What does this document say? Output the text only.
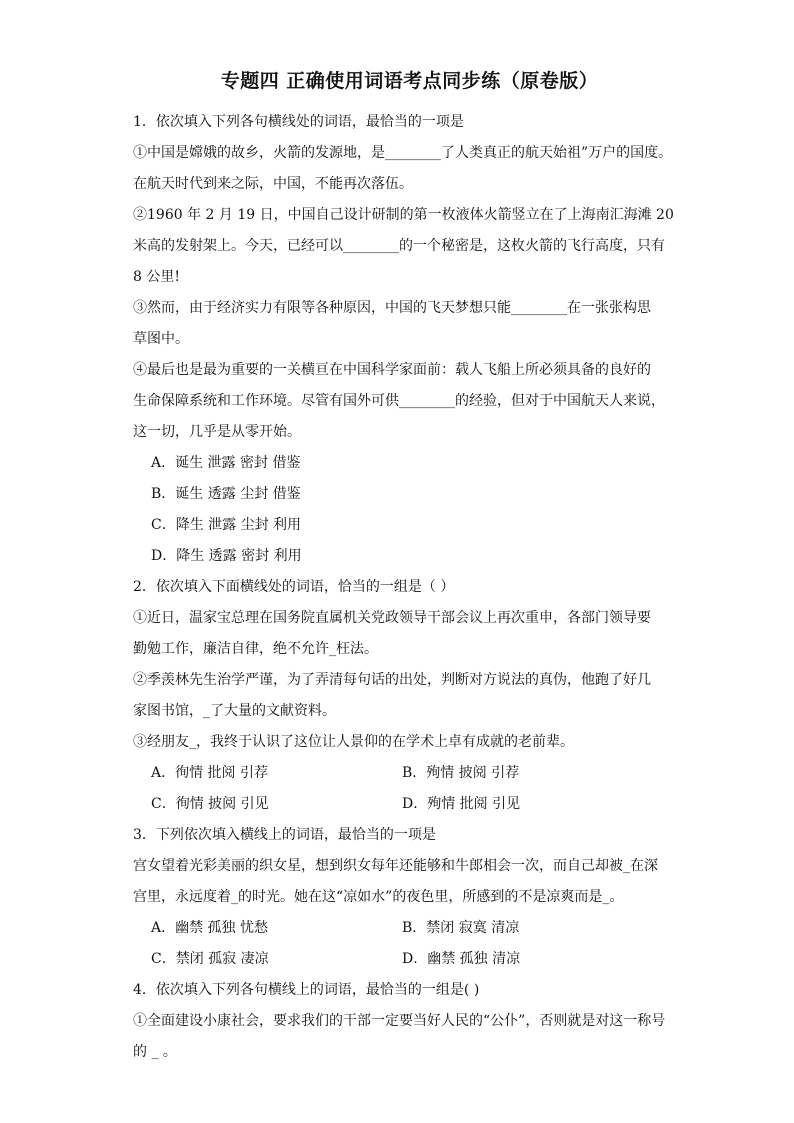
专题四 正确使用词语考点同步练（原卷版）
1．依次填入下列各句横线处的词语，最恰当的一项是
①中国是嫦娥的故乡，火箭的发源地，是________了人类真正的航天始祖”万户的国度。
在航天时代到来之际，中国，不能再次落伍。
②1960 年 2 月 19 日，中国自己设计研制的第一枚液体火箭竖立在了上海南汇海滩 20
米高的发射架上。今天，已经可以________的一个秘密是，这枚火箭的飞行高度，只有
8 公里!
③然而，由于经济实力有限等各种原因，中国的飞天梦想只能________在一张张构思
草图中。
④最后也是最为重要的一关横亘在中国科学家面前：载人飞船上所必须具备的良好的
生命保障系统和工作环境。尽管有国外可供________的经验，但对于中国航天人来说，
这一切，几乎是从零开始。
A．诞生 泄露 密封 借鉴
B．诞生 透露 尘封 借鉴
C．降生 泄露 尘封 利用
D．降生 透露 密封 利用
2．依次填入下面横线处的词语，恰当的一组是（ ）
①近日，温家宝总理在国务院直属机关党政领导干部会议上再次重申，各部门领导要
勤勉工作，廉洁自律，绝不允许_枉法。
②季羡林先生治学严谨，为了弄清每句话的出处，判断对方说法的真伪，他跑了好几
家图书馆，_了大量的文献资料。
③经朋友_，我终于认识了这位让人景仰的在学术上卓有成就的老前辈。
A．徇情 批阅 引荐	B．殉情 披阅 引荐
C．徇情 披阅 引见	D．殉情 批阅 引见
3．下列依次填入横线上的词语，最恰当的一项是
宫女望着光彩美丽的织女星，想到织女每年还能够和牛郎相会一次，而自己却被_在深
宫里，永远度着_的时光。她在这“凉如水”的夜色里，所感到的不是凉爽而是_。
A．幽禁 孤独 忧愁	B．禁闭 寂寞 清凉
C．禁闭 孤寂 凄凉	D．幽禁 孤独 清凉
4．依次填入下列各句横线上的词语，最恰当的一组是( )
①全面建设小康社会，要求我们的干部一定要当好人民的“公仆”，否则就是对这一称号
的 _ 。
